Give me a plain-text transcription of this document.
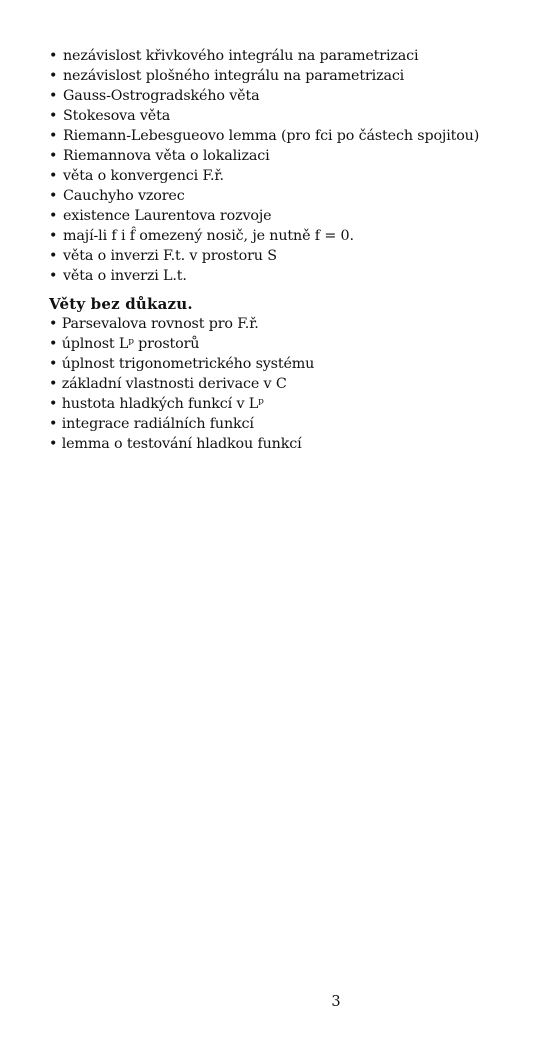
• nezávislost křivkového integrálu na parametrizaci
• nezávislost plošného integrálu na parametrizaci
• Gauss-Ostrogradského věta
• Stokesova věta
• Riemann-Lebesgueovo lemma (pro fci po částech spojitou)
• Riemannova věta o lokalizaci
• věta o konvergenci F.ř.
• Cauchyho vzorec
• existence Laurentova rozvoje
• mají-li f i f̂ omezený nosič, je nutně f = 0.
• věta o inverzi F.t. v prostoru S
• věta o inverzi L.t.
Věty bez důkazu.
• Parsevalova rovnost pro F.ř.
• úplnost Lᵖ prostorů
• úplnost trigonometrického systému
• základní vlastnosti derivace v C
• hustota hladkých funkcí v Lᵖ
• integrace radiálních funkcí
• lemma o testování hladkou funkcí
3
